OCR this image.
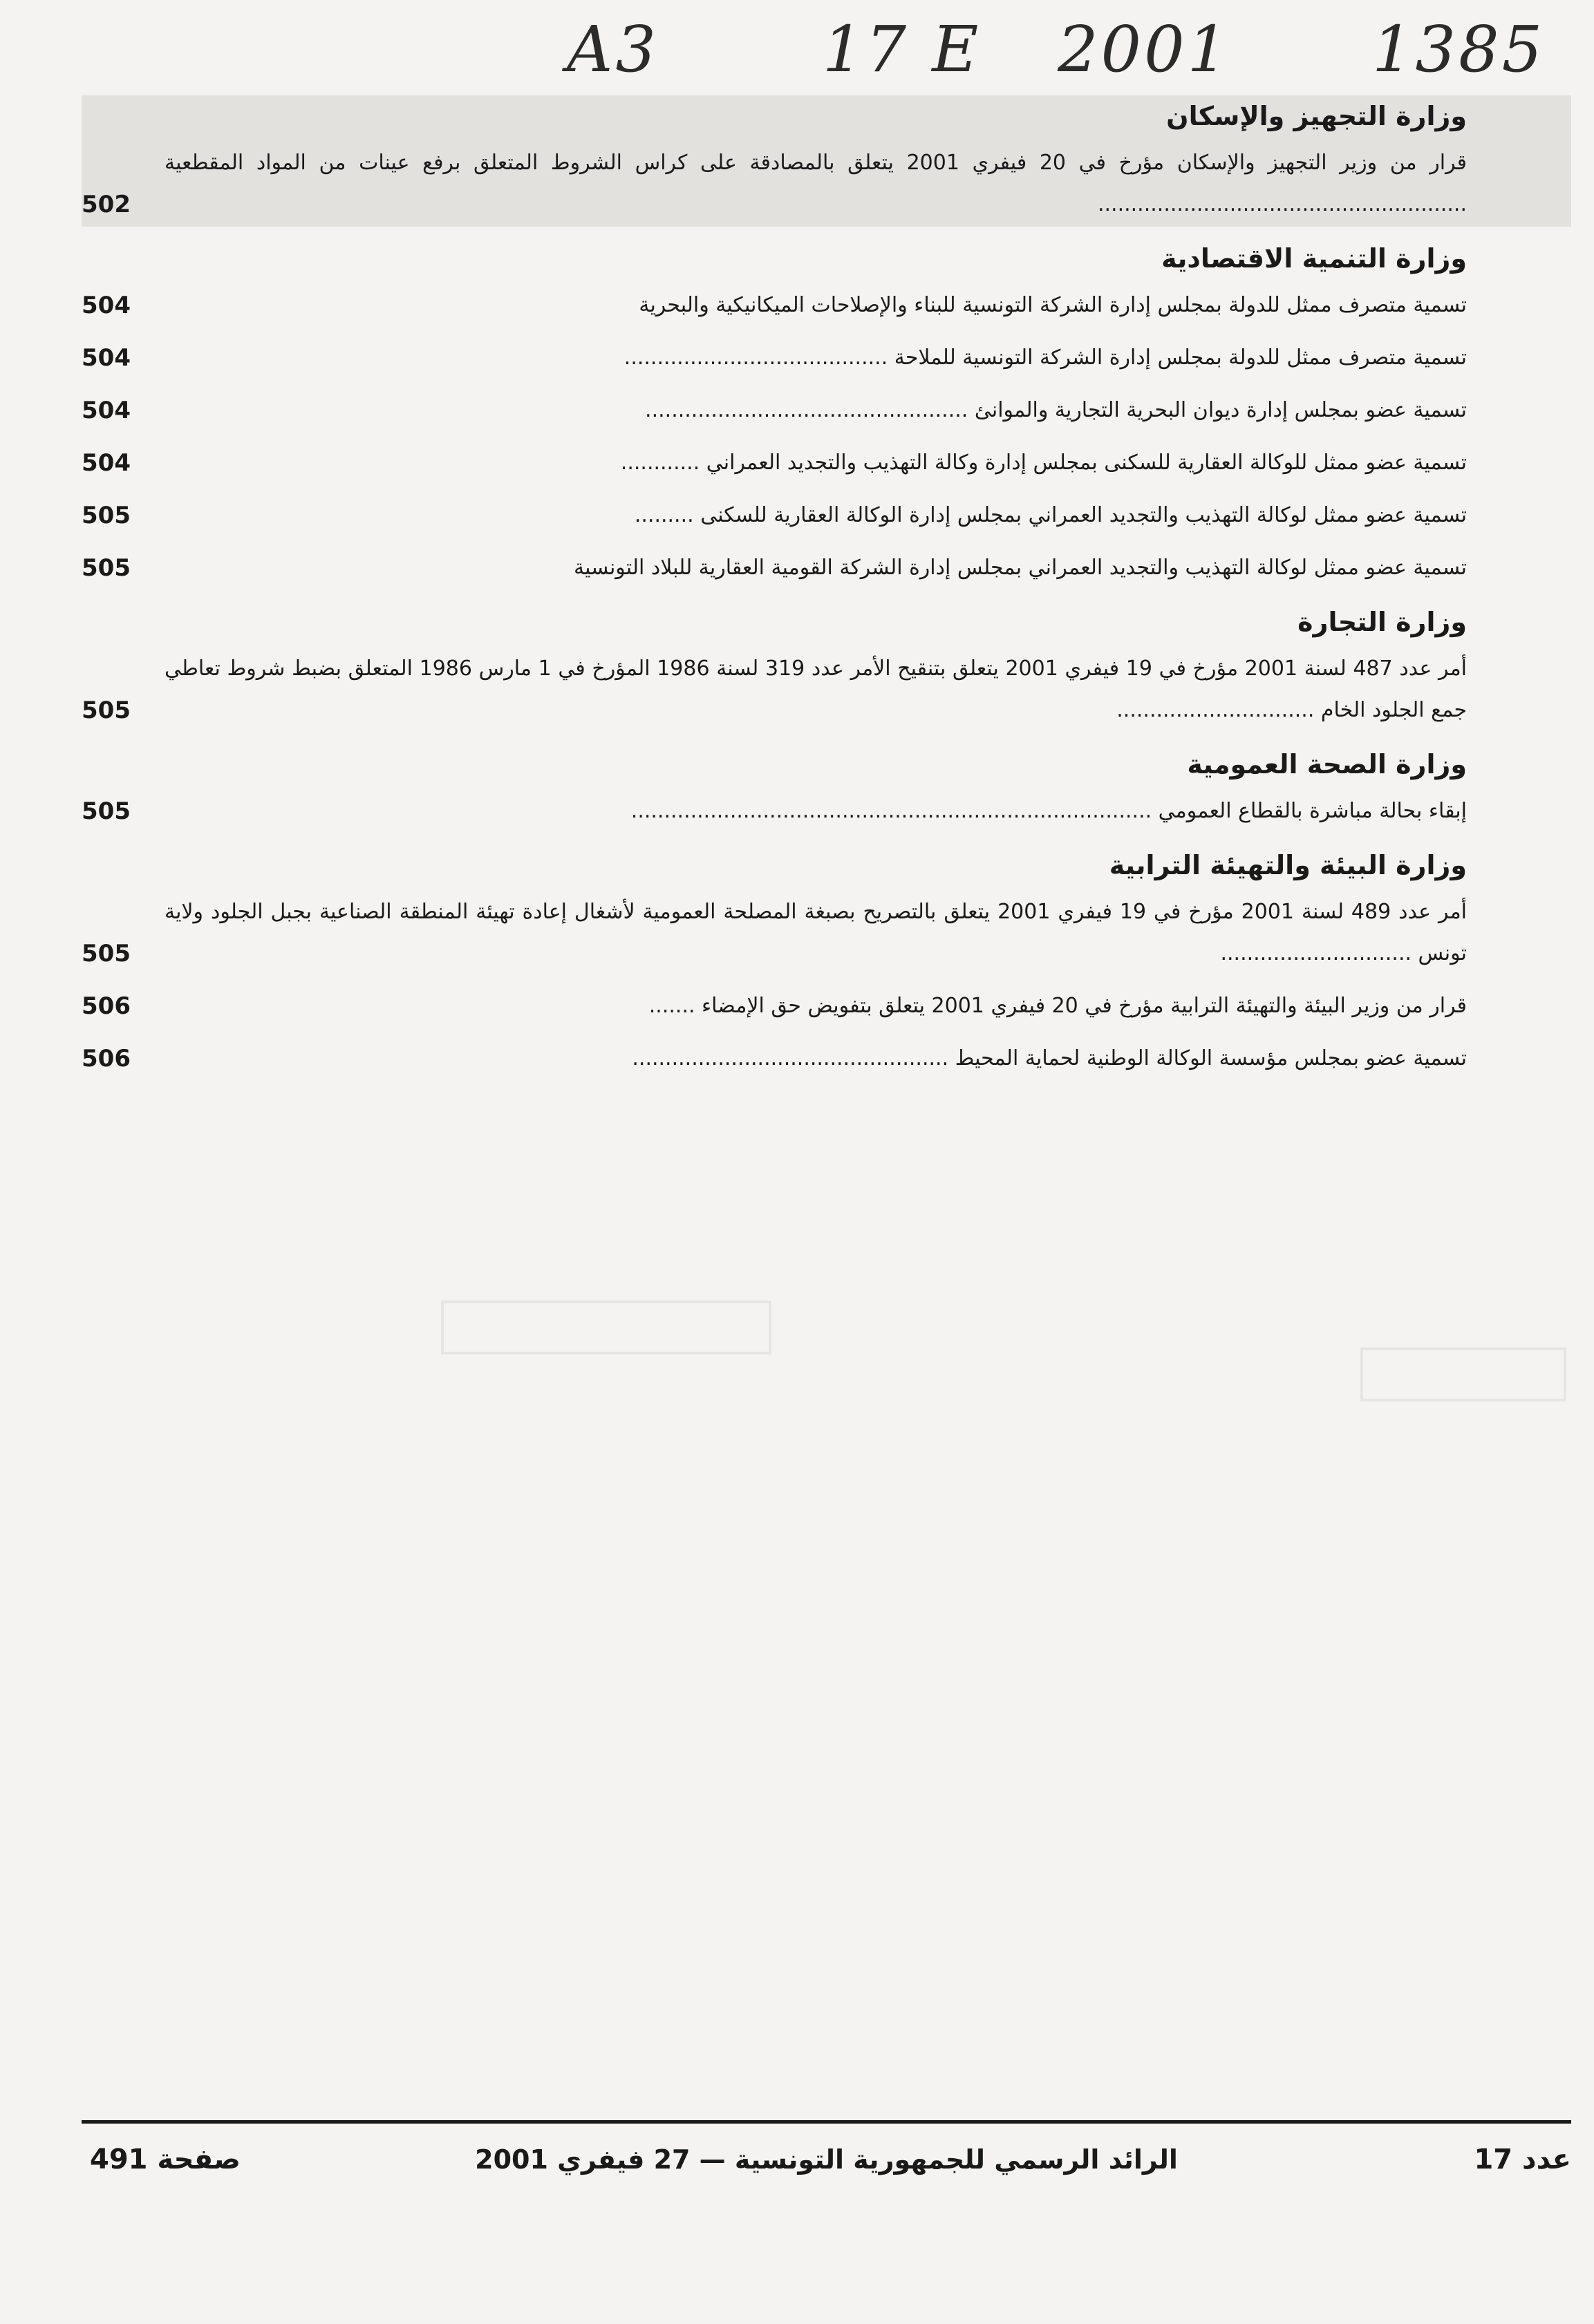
A3	17 E 2001 1385
وزارة التجهيز والإسكان
قرار من وزير التجهيز والإسكان مؤرخ في 20 فيفري 2001 يتعلق بالمصادقة على كراس الشروط المتعلق برفع عينات من المواد المقطعية ........................................................
502
وزارة التنمية الاقتصادية
تسمية متصرف ممثل للدولة بمجلس إدارة الشركة التونسية للبناء والإصلاحات الميكانيكية والبحرية
504
تسمية متصرف ممثل للدولة بمجلس إدارة الشركة التونسية للملاحة ........................................
504
تسمية عضو بمجلس إدارة ديوان البحرية التجارية والموانئ .................................................
504
تسمية عضو ممثل للوكالة العقارية للسكنى بمجلس إدارة وكالة التهذيب والتجديد العمراني ............
504
تسمية عضو ممثل لوكالة التهذيب والتجديد العمراني بمجلس إدارة الوكالة العقارية للسكنى .........
505
تسمية عضو ممثل لوكالة التهذيب والتجديد العمراني بمجلس إدارة الشركة القومية العقارية للبلاد التونسية
505
وزارة التجارة
أمر عدد 487 لسنة 2001 مؤرخ في 19 فيفري 2001 يتعلق بتنقيح الأمر عدد 319 لسنة 1986 المؤرخ في 1 مارس 1986 المتعلق بضبط شروط تعاطي جمع الجلود الخام ..............................
505
وزارة الصحة العمومية
إبقاء بحالة مباشرة بالقطاع العمومي ...............................................................................
505
وزارة البيئة والتهيئة الترابية
أمر عدد 489 لسنة 2001 مؤرخ في 19 فيفري 2001 يتعلق بالتصريح بصبغة المصلحة العمومية لأشغال إعادة تهيئة المنطقة الصناعية بجبل الجلود ولاية تونس .............................
505
قرار من وزير البيئة والتهيئة الترابية مؤرخ في 20 فيفري 2001 يتعلق بتفويض حق الإمضاء .......
506
تسمية عضو بمجلس مؤسسة الوكالة الوطنية لحماية المحيط ................................................
506
عدد 17
الرائد الرسمي للجمهورية التونسية — 27 فيفري 2001
صفحة 491
